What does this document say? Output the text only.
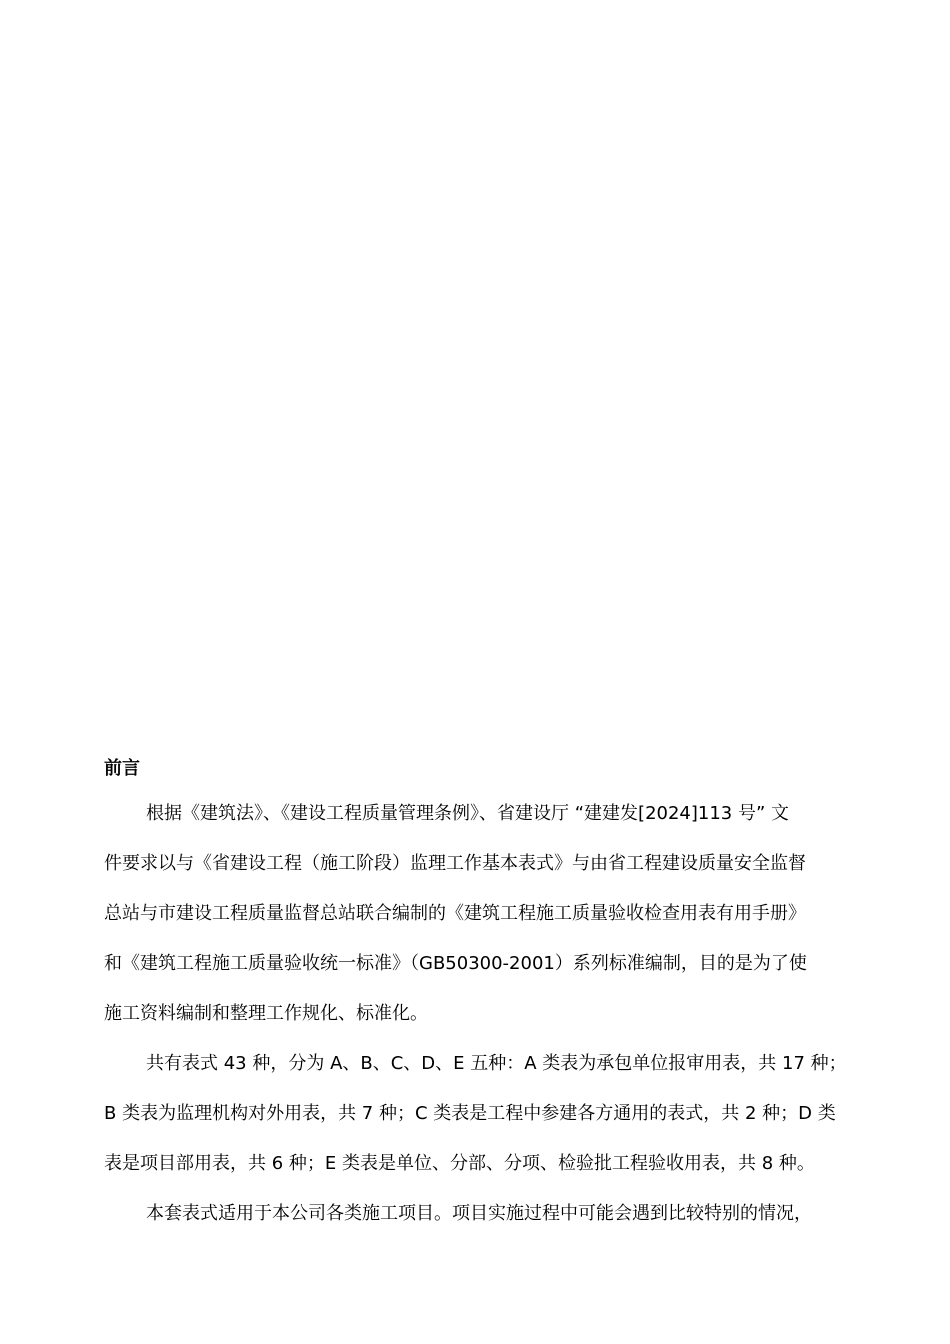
前言
根据《建筑法》、《建设工程质量管理条例》、省建设厅 “建建发[2024]113 号” 文
件要求以与《省建设工程（施工阶段）监理工作基本表式》与由省工程建设质量安全监督
总站与市建设工程质量监督总站联合编制的《建筑工程施工质量验收检查用表有用手册》
和《建筑工程施工质量验收统一标准》（GB50300-2001）系列标准编制，目的是为了使
施工资料编制和整理工作规化、标准化。
共有表式 43 种，分为 A、B、C、D、E 五种：A 类表为承包单位报审用表，共 17 种；
B 类表为监理机构对外用表，共 7 种；C 类表是工程中参建各方通用的表式，共 2 种；D 类
表是项目部用表，共 6 种；E 类表是单位、分部、分项、检验批工程验收用表，共 8 种。
本套表式适用于本公司各类施工项目。项目实施过程中可能会遇到比较特别的情况，
